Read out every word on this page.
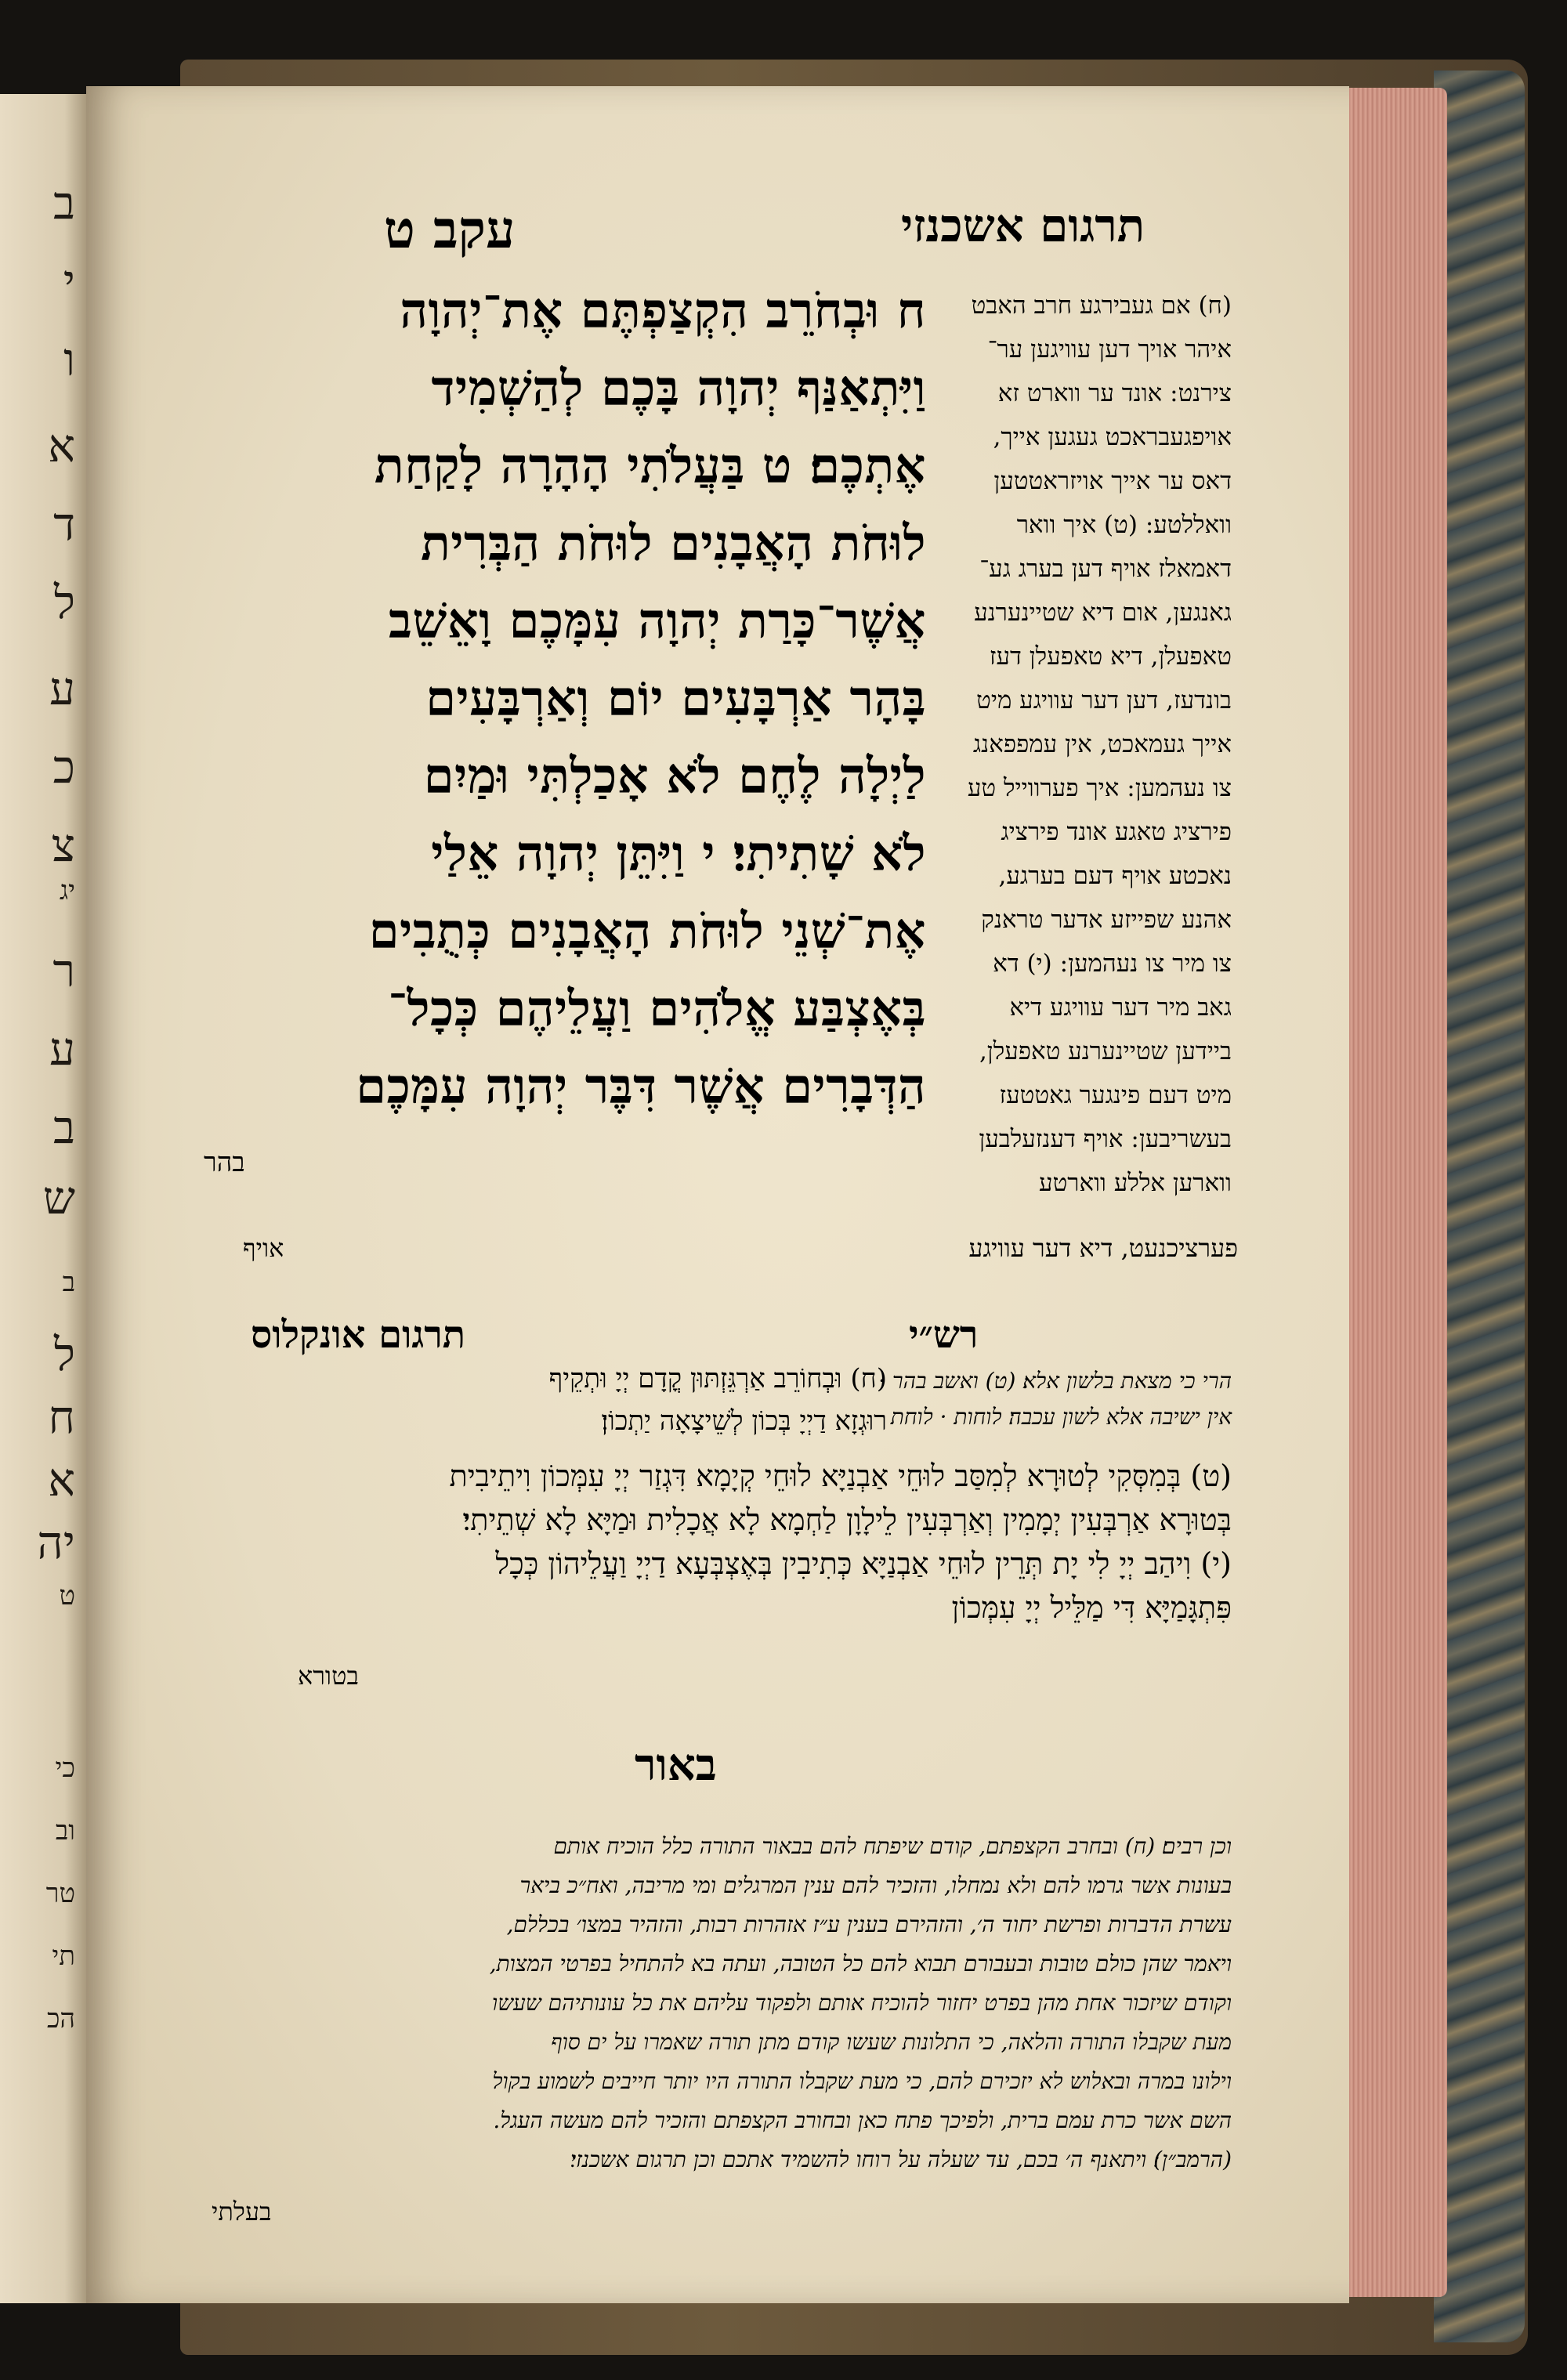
ב
י
ו
א
ד
ל
ע
כ
צ
יג
ר
ע
ב
ש
ב
ל
ח
א
יה
ט
כי
וב
טר
תי
הכ
עקב ט	תרגום אשכנזי
ח וּבְחֹרֵב הִקְצַפְתֶּם אֶת־יְהוָה
וַיִּתְאַנַּף יְהוָה בָּכֶם לְהַשְׁמִיד
אֶתְכֶם׃ ט בַּעֲלֹתִי הָהָרָה לָקַחַת
לוּחֹת הָאֲבָנִים לוּחֹת הַבְּרִית
אֲשֶׁר־כָּרַת יְהוָה עִמָּכֶם וָאֵשֵׁב
בָּהָר אַרְבָּעִים יוֹם וְאַרְבָּעִים
לַיְלָה לֶחֶם לֹא אָכַלְתִּי וּמַיִם
לֹא שָׁתִיתִי׃ י וַיִּתֵּן יְהוָה אֵלַי
אֶת־שְׁנֵי לוּחֹת הָאֲבָנִים כְּתֻבִים
בְּאֶצְבַּע אֱלֹהִים וַעֲלֵיהֶם כְּכָל־
הַדְּבָרִים אֲשֶׁר דִּבֶּר יְהוָה עִמָּכֶם
בהר
(ח) אם געבירגע חרב האבט
איהר אויך דען עוויגען ער־
צירנט: אונד ער ווארט זא
אויפגעבראכט געגען אייך,
דאס ער אייך אויזראטטען
וואללטע: (ט) איך וואר
דאמאלז אויף דען בערג גע־
גאנגען, אום דיא שטיינערנע
טאפעלן, דיא טאפעלן דעז
בונדעז, דען דער עוויגע מיט
אייך געמאכט, אין עמפפאנג
צו נעהמען: איך פערווייל טע
פירציג טאגע אונד פירציג
נאכטע אויף דעם בערגע,
אהנע שפייזע אדער טראנק
צו מיר צו נעהמען: (י) דא
גאב מיר דער עוויגע דיא
ביידען שטיינערנע טאפעלן,
מיט דעם פינגער גאטטעז
בעשריבען: אויף דענזעלבען
ווארען אללע ווארטע
פערציכנעט, דיא דער עוויגע
אויף
תרגום אונקלוס	רש״י
הרי כי מצאת בלשון אלא׃ (ט) ואשב בהר ·
אין ישיבה אלא לשון עכבה׃ לוחות · לוחת
(ח) וּבְחוֹרֵב אַרְגֵּזְתּוּן קֳדָם יְיָ וּתְקֵיף
רוּגְזָא דַיְיָ בְּכוֹן לְשֵׁיצָאָה יַתְכוֹן׃
(ט) בְּמִסְּקִי לְטוּרָא לְמִסַּב לוּחֵי אַבְנַיָּא לוּחֵי קְיָמָא דִּגְזַר יְיָ עִמְּכוֹן וִיתֵיבִית
בְּטוּרָא אַרְבְּעִין יְמָמִין וְאַרְבְּעִין לֵילָוָן לַחְמָא לָא אֲכָלִית וּמַיָּא לָא שְׁתֵיתִי׃
(י) וִיהַב יְיָ לִי יָת תְּרֵין לוּחֵי אַבְנַיָּא כְּתִיבִין בְּאֶצְבְּעָא דַיְיָ וַעֲלֵיהוֹן כְּכָל
פִּתְגָּמַיָּא דִּי מַלֵּיל יְיָ עִמְּכוֹן
בטורא
באור
וכן רבים׃ (ח) ובחרב הקצפתם, קודם שיפתח להם בבאור התורה כלל הוכיח אותם
בעונות אשר גרמו להם ולא נמחלו, והזכיר להם ענין המרגלים ומי מריבה, ואח״כ ביאר
עשרת הדברות ופרשת יחוד ה׳, והזהירם בענין ע״ז אזהרות רבות, והזהיר במצו׳ בכללם,
ויאמר שהן כולם טובות ובעבורם תבוא להם כל הטובה, ועתה בא להתחיל בפרטי המצות,
וקודם שיזכור אחת מהן בפרט יחזור להוכיח אותם ולפקוד עליהם את כל עונותיהם שעשו
מעת שקבלו התורה והלאה, כי התלונות שעשו קודם מתן תורה שאמרו על ים סוף
וילונו במרה ובאלוש לא יזכירם להם, כי מעת שקבלו התורה היו יותר חייבים לשמוע בקול
השם אשר כרת עמם ברית, ולפיכך פתח כאן ובחורב הקצפתם והזכיר להם מעשה העגל.
(הרמב״ן)׃ ויתאנף ה׳ בכם, עד שעלה על רוחו להשמיד אתכם וכן תרגום אשכנזי׃
בעלתי
